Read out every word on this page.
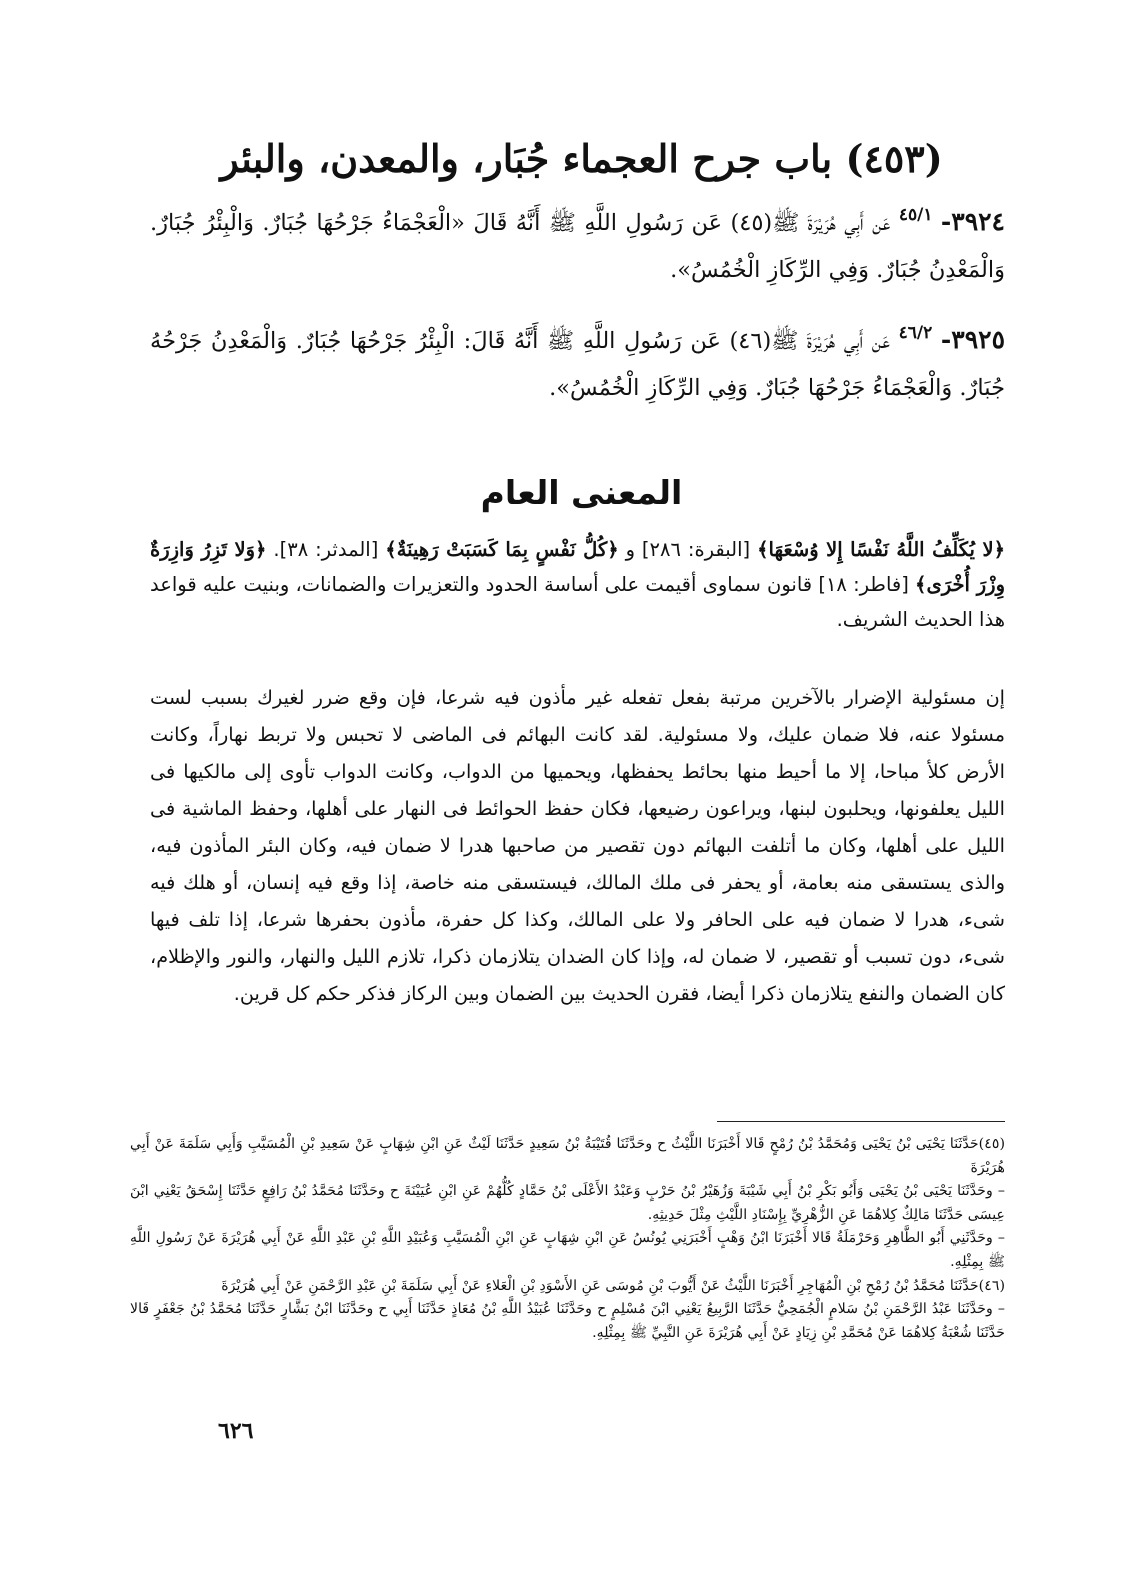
(٤٥٣) باب جرح العجماء جُبَار، والمعدن، والبئر
٣٩٢٤- $^{٤٥/١}$ عَن أَبِي هُرَيْرَةَ ﷺ(٤٥) عَن رَسُولِ اللَّهِ ﷺ أَنَّهُ قَالَ «الْعَجْمَاءُ جَرْحُهَا جُبَارٌ. وَالْبِئْرُ جُبَارٌ. وَالْمَعْدِنُ جُبَارٌ. وَفِي الرِّكَازِ الْخُمُسُ».
٣٩٢٥- $^{٤٦/٢}$ عَن أَبِي هُرَيْرَةَ ﷺ(٤٦) عَن رَسُولِ اللَّهِ ﷺ أَنَّهُ قَالَ: الْبِئْرُ جَرْحُهَا جُبَارٌ. وَالْمَعْدِنُ جَرْحُهُ جُبَارٌ. وَالْعَجْمَاءُ جَرْحُهَا جُبَارٌ. وَفِي الرِّكَازِ الْخُمُسُ».
المعنى العام

﴿لا يُكَلِّفُ اللَّهُ نَفْسًا إِلا وُسْعَهَا﴾ [البقرة: ٢٨٦] و ﴿كُلُّ نَفْسٍ بِمَا كَسَبَتْ رَهِينَةٌ﴾ [المدثر: ٣٨]. ﴿وَلا تَزِرُ وَازِرَةٌ وِزْرَ أُخْرَى﴾ [فاطر: ١٨] قانون سماوى أقيمت على أساسة الحدود والتعزيرات والضمانات، وبنيت عليه قواعد هذا الحديث الشريف.

إن مسئولية الإضرار بالآخرين مرتبة بفعل تفعله غير مأذون فيه شرعا، فإن وقع ضرر لغيرك بسبب لست مسئولا عنه، فلا ضمان عليك، ولا مسئولية. لقد كانت البهائم فى الماضى لا تحبس ولا تربط نهاراً، وكانت الأرض كلأ مباحا، إلا ما أحيط منها بحائط يحفظها، ويحميها من الدواب، وكانت الدواب تأوى إلى مالكيها فى الليل يعلفونها، ويحلبون لبنها، ويراعون رضيعها، فكان حفظ الحوائط فى النهار على أهلها، وحفظ الماشية فى الليل على أهلها، وكان ما أتلفت البهائم دون تقصير من صاحبها هدرا لا ضمان فيه، وكان البئر المأذون فيه، والذى يستسقى منه بعامة، أو يحفر فى ملك المالك، فيستسقى منه خاصة، إذا وقع فيه إنسان، أو هلك فيه شىء، هدرا لا ضمان فيه على الحافر ولا على المالك، وكذا كل حفرة، مأذون بحفرها شرعا، إذا تلف فيها شىء، دون تسبب أو تقصير، لا ضمان له، وإذا كان الضدان يتلازمان ذكرا، تلازم الليل والنهار، والنور والإظلام، كان الضمان والنفع يتلازمان ذكرا أيضا، فقرن الحديث بين الضمان وبين الركاز فذكر حكم كل قرين.

(٤٥)حَدَّثَنَا يَحْيَى بْنُ يَحْيَى وَمُحَمَّدُ بْنُ رُمْحٍ قَالا أَخْبَرَنَا اللَّيْثُ ح وحَدَّثَنَا قُتَيْبَةُ بْنُ سَعِيدٍ حَدَّثَنَا لَيْثٌ عَنِ ابْنِ شِهَابٍ عَنْ سَعِيدِ بْنِ الْمُسَيَّبِ وَأَبِي سَلَمَةَ عَنْ أَبِي هُرَيْرَةَ

– وحَدَّثَنَا يَحْيَى بْنُ يَحْيَى وَأَبُو بَكْرِ بْنُ أَبِي شَيْبَةَ وَزُهَيْرُ بْنُ حَرْبٍ وَعَبْدُ الأَعْلَى بْنُ حَمَّادٍ كُلُّهُمْ عَنِ ابْنِ عُيَيْنَةَ ح وحَدَّثَنَا مُحَمَّدُ بْنُ رَافِعٍ حَدَّثَنَا إِسْحَقُ يَعْنِي ابْنَ عِيسَى حَدَّثَنَا مَالِكٌ كِلاهُمَا عَنِ الزُّهْرِيِّ بِإِسْنَادِ اللَّيْثِ مِثْلَ حَدِيثِهِ.

– وحَدَّثَنِي أَبُو الطَّاهِرِ وَحَرْمَلَةُ قَالا أَخْبَرَنَا ابْنُ وَهْبٍ أَخْبَرَنِي يُونُسُ عَنِ ابْنِ شِهَابٍ عَنِ ابْنِ الْمُسَيَّبِ وَعُبَيْدِ اللَّهِ بْنِ عَبْدِ اللَّهِ عَنْ أَبِي هُرَيْرَةَ عَنْ رَسُولِ اللَّهِ ﷺ بِمِثْلِهِ.

(٤٦)حَدَّثَنَا مُحَمَّدُ بْنُ رُمْحِ بْنِ الْمُهَاجِرِ أَخْبَرَنَا اللَّيْثُ عَنْ أَيُّوبَ بْنِ مُوسَى عَنِ الأَسْوَدِ بْنِ الْعَلاءِ عَنْ أَبِي سَلَمَةَ بْنِ عَبْدِ الرَّحْمَنِ عَنْ أَبِي هُرَيْرَةَ

– وحَدَّثَنَا عَبْدُ الرَّحْمَنِ بْنُ سَلامٍ الْجُمَحِيُّ حَدَّثَنَا الرَّبِيعُ يَعْنِي ابْنَ مُسْلِمٍ ح وحَدَّثَنَا عُبَيْدُ اللَّهِ بْنُ مُعَاذٍ حَدَّثَنَا أَبِي ح وحَدَّثَنَا ابْنُ بَشَّارٍ حَدَّثَنَا مُحَمَّدُ بْنُ جَعْفَرٍ قَالا حَدَّثَنَا شُعْبَةُ كِلاهُمَا عَنْ مُحَمَّدِ بْنِ زِيَادٍ عَنْ أَبِي هُرَيْرَةَ عَنِ النَّبِيِّ ﷺ بِمِثْلِهِ.

٦٢٦
